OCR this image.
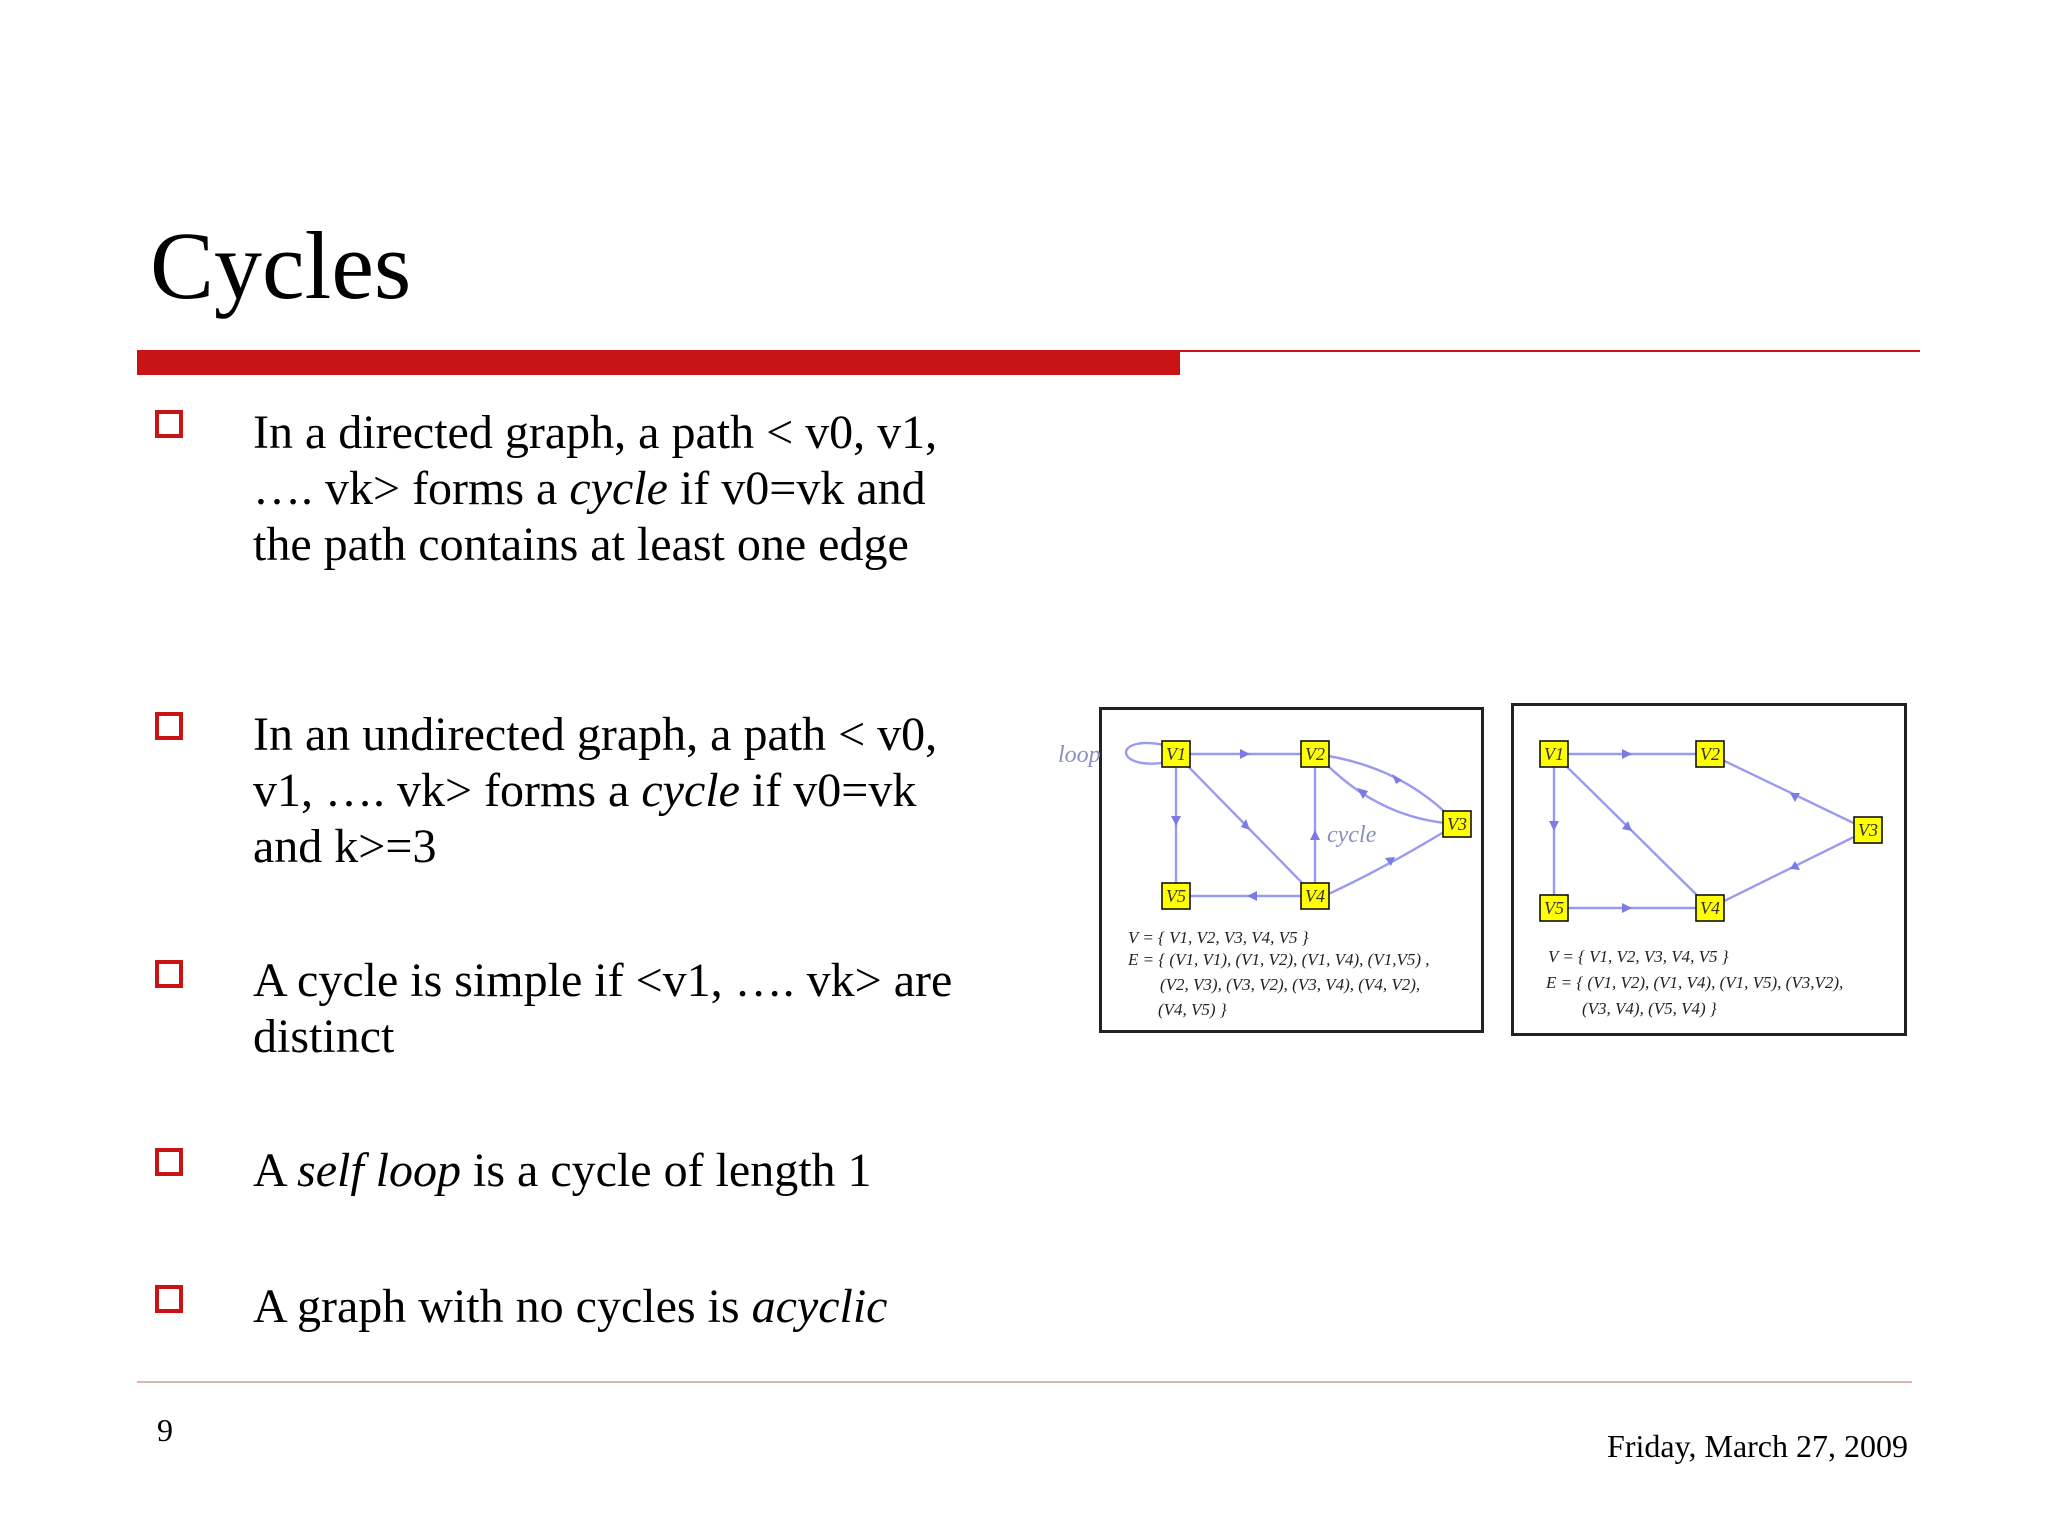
Cycles
In a directed graph, a path < v0, v1, …. vk> forms a cycle if v0=vk and the path contains at least one edge
In an undirected graph, a path < v0, v1, …. vk> forms a cycle if v0=vk and k>=3
A cycle is simple if <v1, …. vk> are distinct
A self loop is a cycle of length 1
A graph with no cycles is acyclic
loop
cycle
V1	V2
V3
V4
V5
V = { V1, V2, V3, V4, V5 }
E = { (V1, V1), (V1, V2), (V1, V4), (V1,V5) ,
(V2, V3), (V3, V2), (V3, V4), (V4, V2),
(V4, V5) }
V1	V2
V3
V4
V5
V = { V1, V2, V3, V4, V5 }
E = { (V1, V2), (V1, V4), (V1, V5), (V3,V2),
(V3, V4), (V5, V4) }
9	Friday, March 27, 2009
